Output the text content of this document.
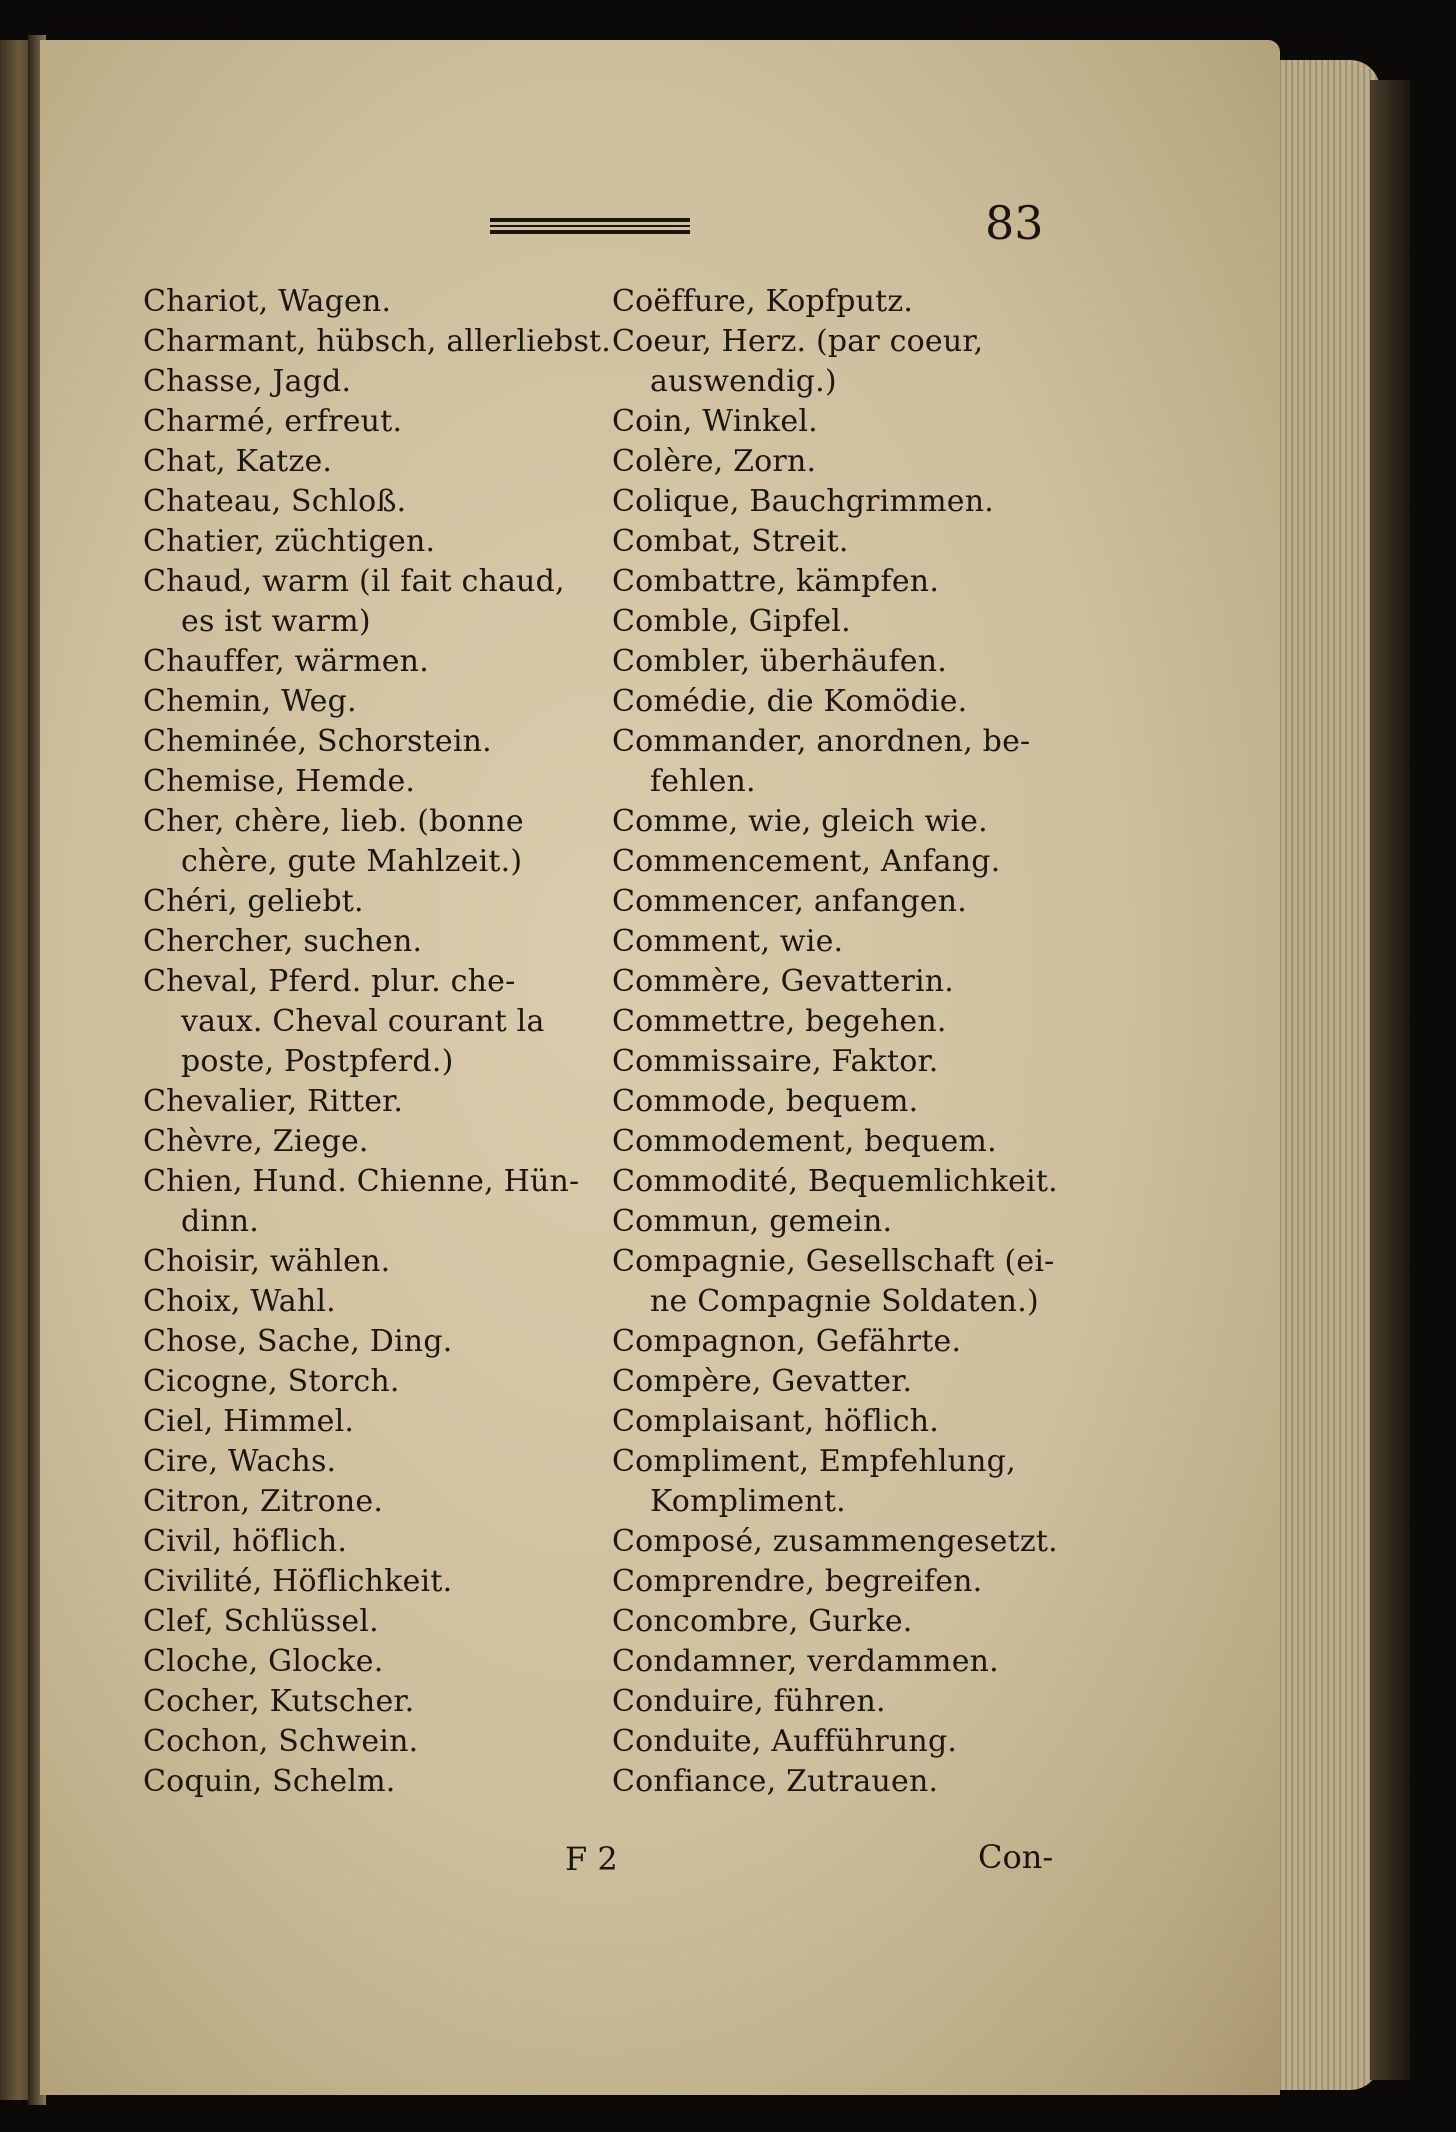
83
Chariot, Wagen.
Charmant, hübsch, allerliebst.
Chasse, Jagd.
Charmé, erfreut.
Chat, Katze.
Chateau, Schloß.
Chatier, züchtigen.
Chaud, warm (il fait chaud,
es ist warm)
Chauffer, wärmen.
Chemin, Weg.
Cheminée, Schorstein.
Chemise, Hemde.
Cher, chère, lieb. (bonne
chère, gute Mahlzeit.)
Chéri, geliebt.
Chercher, suchen.
Cheval, Pferd. plur. che-
vaux. Cheval courant la
poste, Postpferd.)
Chevalier, Ritter.
Chèvre, Ziege.
Chien, Hund. Chienne, Hün-
dinn.
Choisir, wählen.
Choix, Wahl.
Chose, Sache, Ding.
Cicogne, Storch.
Ciel, Himmel.
Cire, Wachs.
Citron, Zitrone.
Civil, höflich.
Civilité, Höflichkeit.
Clef, Schlüssel.
Cloche, Glocke.
Cocher, Kutscher.
Cochon, Schwein.
Coquin, Schelm.
Coëffure, Kopfputz.
Coeur, Herz. (par coeur,
auswendig.)
Coin, Winkel.
Colère, Zorn.
Colique, Bauchgrimmen.
Combat, Streit.
Combattre, kämpfen.
Comble, Gipfel.
Combler, überhäufen.
Comédie, die Komödie.
Commander, anordnen, be-
fehlen.
Comme, wie, gleich wie.
Commencement, Anfang.
Commencer, anfangen.
Comment, wie.
Commère, Gevatterin.
Commettre, begehen.
Commissaire, Faktor.
Commode, bequem.
Commodement, bequem.
Commodité, Bequemlichkeit.
Commun, gemein.
Compagnie, Gesellschaft (ei-
ne Compagnie Soldaten.)
Compagnon, Gefährte.
Compère, Gevatter.
Complaisant, höflich.
Compliment, Empfehlung,
Kompliment.
Composé, zusammengesetzt.
Comprendre, begreifen.
Concombre, Gurke.
Condamner, verdammen.
Conduire, führen.
Conduite, Aufführung.
Confiance, Zutrauen.
F 2	Con-
